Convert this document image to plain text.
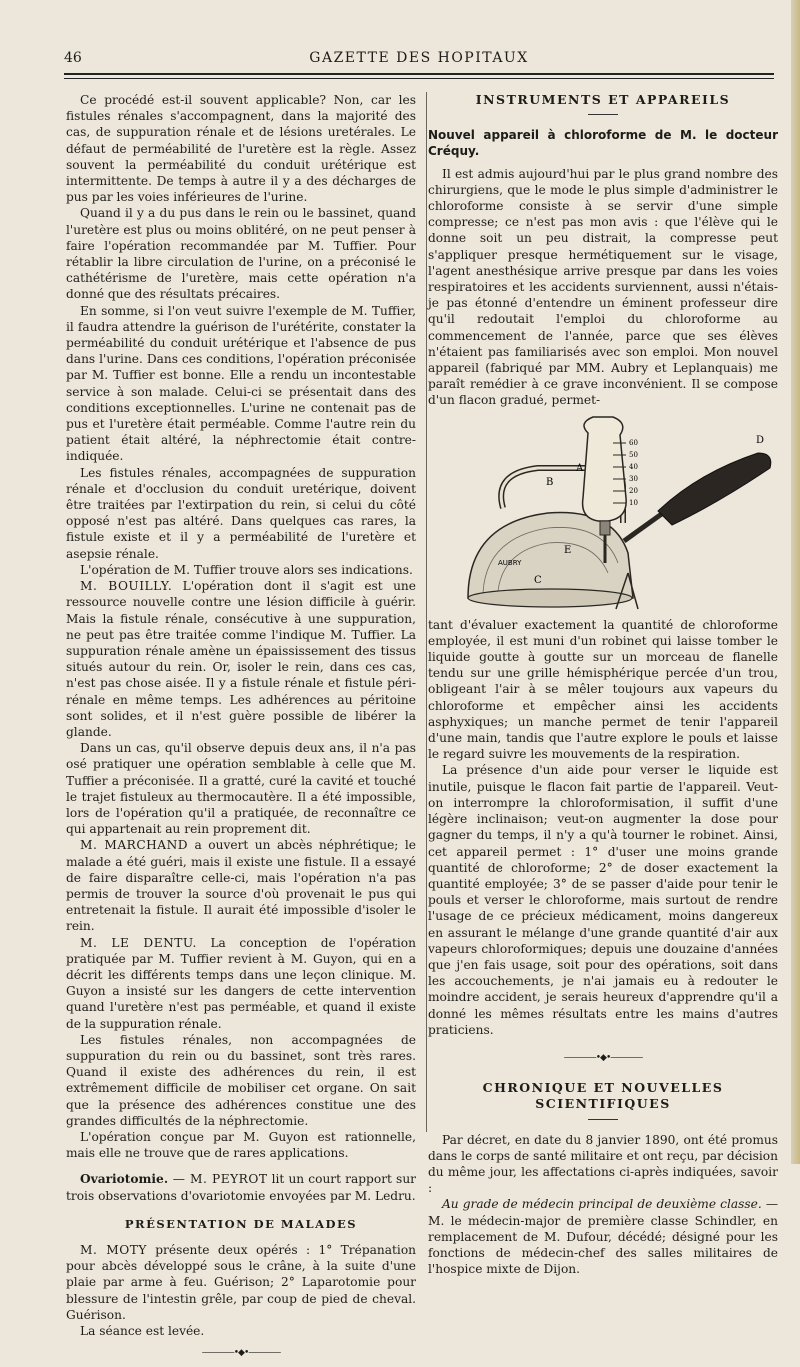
46	GAZETTE DES HOPITAUX

Ce procédé est-il souvent applicable? Non, car les fistules rénales s'accompagnent, dans la majorité des cas, de suppuration rénale et de lésions uretérales. Le défaut de perméabilité de l'uretère est la règle. Assez souvent la perméabilité du conduit urétérique est intermittente. De temps à autre il y a des décharges de pus par les voies inférieures de l'urine.

Quand il y a du pus dans le rein ou le bassinet, quand l'uretère est plus ou moins oblitéré, on ne peut penser à faire l'opération recommandée par M. Tuffier. Pour rétablir la libre circulation de l'urine, on a préconisé le cathétérisme de l'uretère, mais cette opération n'a donné que des résultats précaires.

En somme, si l'on veut suivre l'exemple de M. Tuffier, il faudra attendre la guérison de l'urétérite, constater la perméabilité du conduit urétérique et l'absence de pus dans l'urine. Dans ces conditions, l'opération préconisée par M. Tuffier est bonne. Elle a rendu un incontestable service à son malade. Celui-ci se présentait dans des conditions exceptionnelles. L'urine ne contenait pas de pus et l'uretère était perméable. Comme l'autre rein du patient était altéré, la néphrectomie était contre-indiquée.

Les fistules rénales, accompagnées de suppuration rénale et d'occlusion du conduit uretérique, doivent être traitées par l'extirpation du rein, si celui du côté opposé n'est pas altéré. Dans quelques cas rares, la fistule existe et il y a perméabilité de l'uretère et asepsie rénale.

L'opération de M. Tuffier trouve alors ses indications.

M. BOUILLY. L'opération dont il s'agit est une ressource nouvelle contre une lésion difficile à guérir. Mais la fistule rénale, consécutive à une suppuration, ne peut pas être traitée comme l'indique M. Tuffier. La suppuration rénale amène un épaississement des tissus situés autour du rein. Or, isoler le rein, dans ces cas, n'est pas chose aisée. Il y a fistule rénale et fistule péri-rénale en même temps. Les adhérences au péritoine sont solides, et il n'est guère possible de libérer la glande.

Dans un cas, qu'il observe depuis deux ans, il n'a pas osé pratiquer une opération semblable à celle que M. Tuffier a préconisée. Il a gratté, curé la cavité et touché le trajet fistuleux au thermocautère. Il a été impossible, lors de l'opération qu'il a pratiquée, de reconnaître ce qui appartenait au rein proprement dit.

M. MARCHAND a ouvert un abcès néphrétique; le malade a été guéri, mais il existe une fistule. Il a essayé de faire disparaître celle-ci, mais l'opération n'a pas permis de trouver la source d'où provenait le pus qui entretenait la fistule. Il aurait été impossible d'isoler le rein.

M. LE DENTU. La conception de l'opération pratiquée par M. Tuffier revient à M. Guyon, qui en a décrit les différents temps dans une leçon clinique. M. Guyon a insisté sur les dangers de cette intervention quand l'uretère n'est pas perméable, et quand il existe de la suppuration rénale.

Les fistules rénales, non accompagnées de suppuration du rein ou du bassinet, sont très rares. Quand il existe des adhérences du rein, il est extrêmement difficile de mobiliser cet organe. On sait que la présence des adhérences constitue une des grandes difficultés de la néphrectomie.

L'opération conçue par M. Guyon est rationnelle, mais elle ne trouve que de rares applications.

Ovariotomie. — M. PEYROT lit un court rapport sur trois observations d'ovariotomie envoyées par M. Ledru.

PRÉSENTATION DE MALADES

M. MOTY présente deux opérés : 1° Trépanation pour abcès développé sous le crâne, à la suite d'une plaie par arme à feu. Guérison; 2° Laparotomie pour blessure de l'intestin grêle, par coup de pied de cheval. Guérison.

La séance est levée.

————•◆•————
INSTRUMENTS ET APPAREILS
Nouvel appareil à chloroforme de M. le docteur Créquy.

Il est admis aujourd'hui par le plus grand nombre des chirurgiens, que le mode le plus simple d'administrer le chloroforme consiste à se servir d'une simple compresse; ce n'est pas mon avis : que l'élève qui le donne soit un peu distrait, la compresse peut s'appliquer presque hermétiquement sur le visage, l'agent anesthésique arrive presque par dans les voies respiratoires et les accidents surviennent, aussi n'étais-je pas étonné d'entendre un éminent professeur dire qu'il redoutait l'emploi du chloroforme au commencement de l'année, parce que ses élèves n'étaient pas familiarisés avec son emploi. Mon nouvel appareil (fabriqué par MM. Aubry et Leplanquais) me paraît remédier à ce grave inconvénient. Il se compose d'un flacon gradué, permet-

AUBRY
60
50
40
30
20
10
A
B
C
D
E

tant d'évaluer exactement la quantité de chloroforme employée, il est muni d'un robinet qui laisse tomber le liquide goutte à goutte sur un morceau de flanelle tendu sur une grille hémisphérique percée d'un trou, obligeant l'air à se mêler toujours aux vapeurs du chloroforme et empêcher ainsi les accidents asphyxiques; un manche permet de tenir l'appareil d'une main, tandis que l'autre explore le pouls et laisse le regard suivre les mouvements de la respiration.

La présence d'un aide pour verser le liquide est inutile, puisque le flacon fait partie de l'appareil. Veut-on interrompre la chloroformisation, il suffit d'une légère inclinaison; veut-on augmenter la dose pour gagner du temps, il n'y a qu'à tourner le robinet. Ainsi, cet appareil permet : 1° d'user une moins grande quantité de chloroforme; 2° de doser exactement la quantité employée; 3° de se passer d'aide pour tenir le pouls et verser le chloroforme, mais surtout de rendre l'usage de ce précieux médicament, moins dangereux en assurant le mélange d'une grande quantité d'air aux vapeurs chloroformiques; depuis une douzaine d'années que j'en fais usage, soit pour des opérations, soit dans les accouchements, je n'ai jamais eu à redouter le moindre accident, je serais heureux d'apprendre qu'il a donné les mêmes résultats entre les mains d'autres praticiens.

————•◆•————
CHRONIQUE ET NOUVELLES SCIENTIFIQUES

Par décret, en date du 8 janvier 1890, ont été promus dans le corps de santé militaire et ont reçu, par décision du même jour, les affectations ci-après indiquées, savoir :

Au grade de médecin principal de deuxième classe. — M. le médecin-major de première classe Schindler, en remplacement de M. Dufour, décédé; désigné pour les fonctions de médecin-chef des salles militaires de l'hospice mixte de Dijon.
